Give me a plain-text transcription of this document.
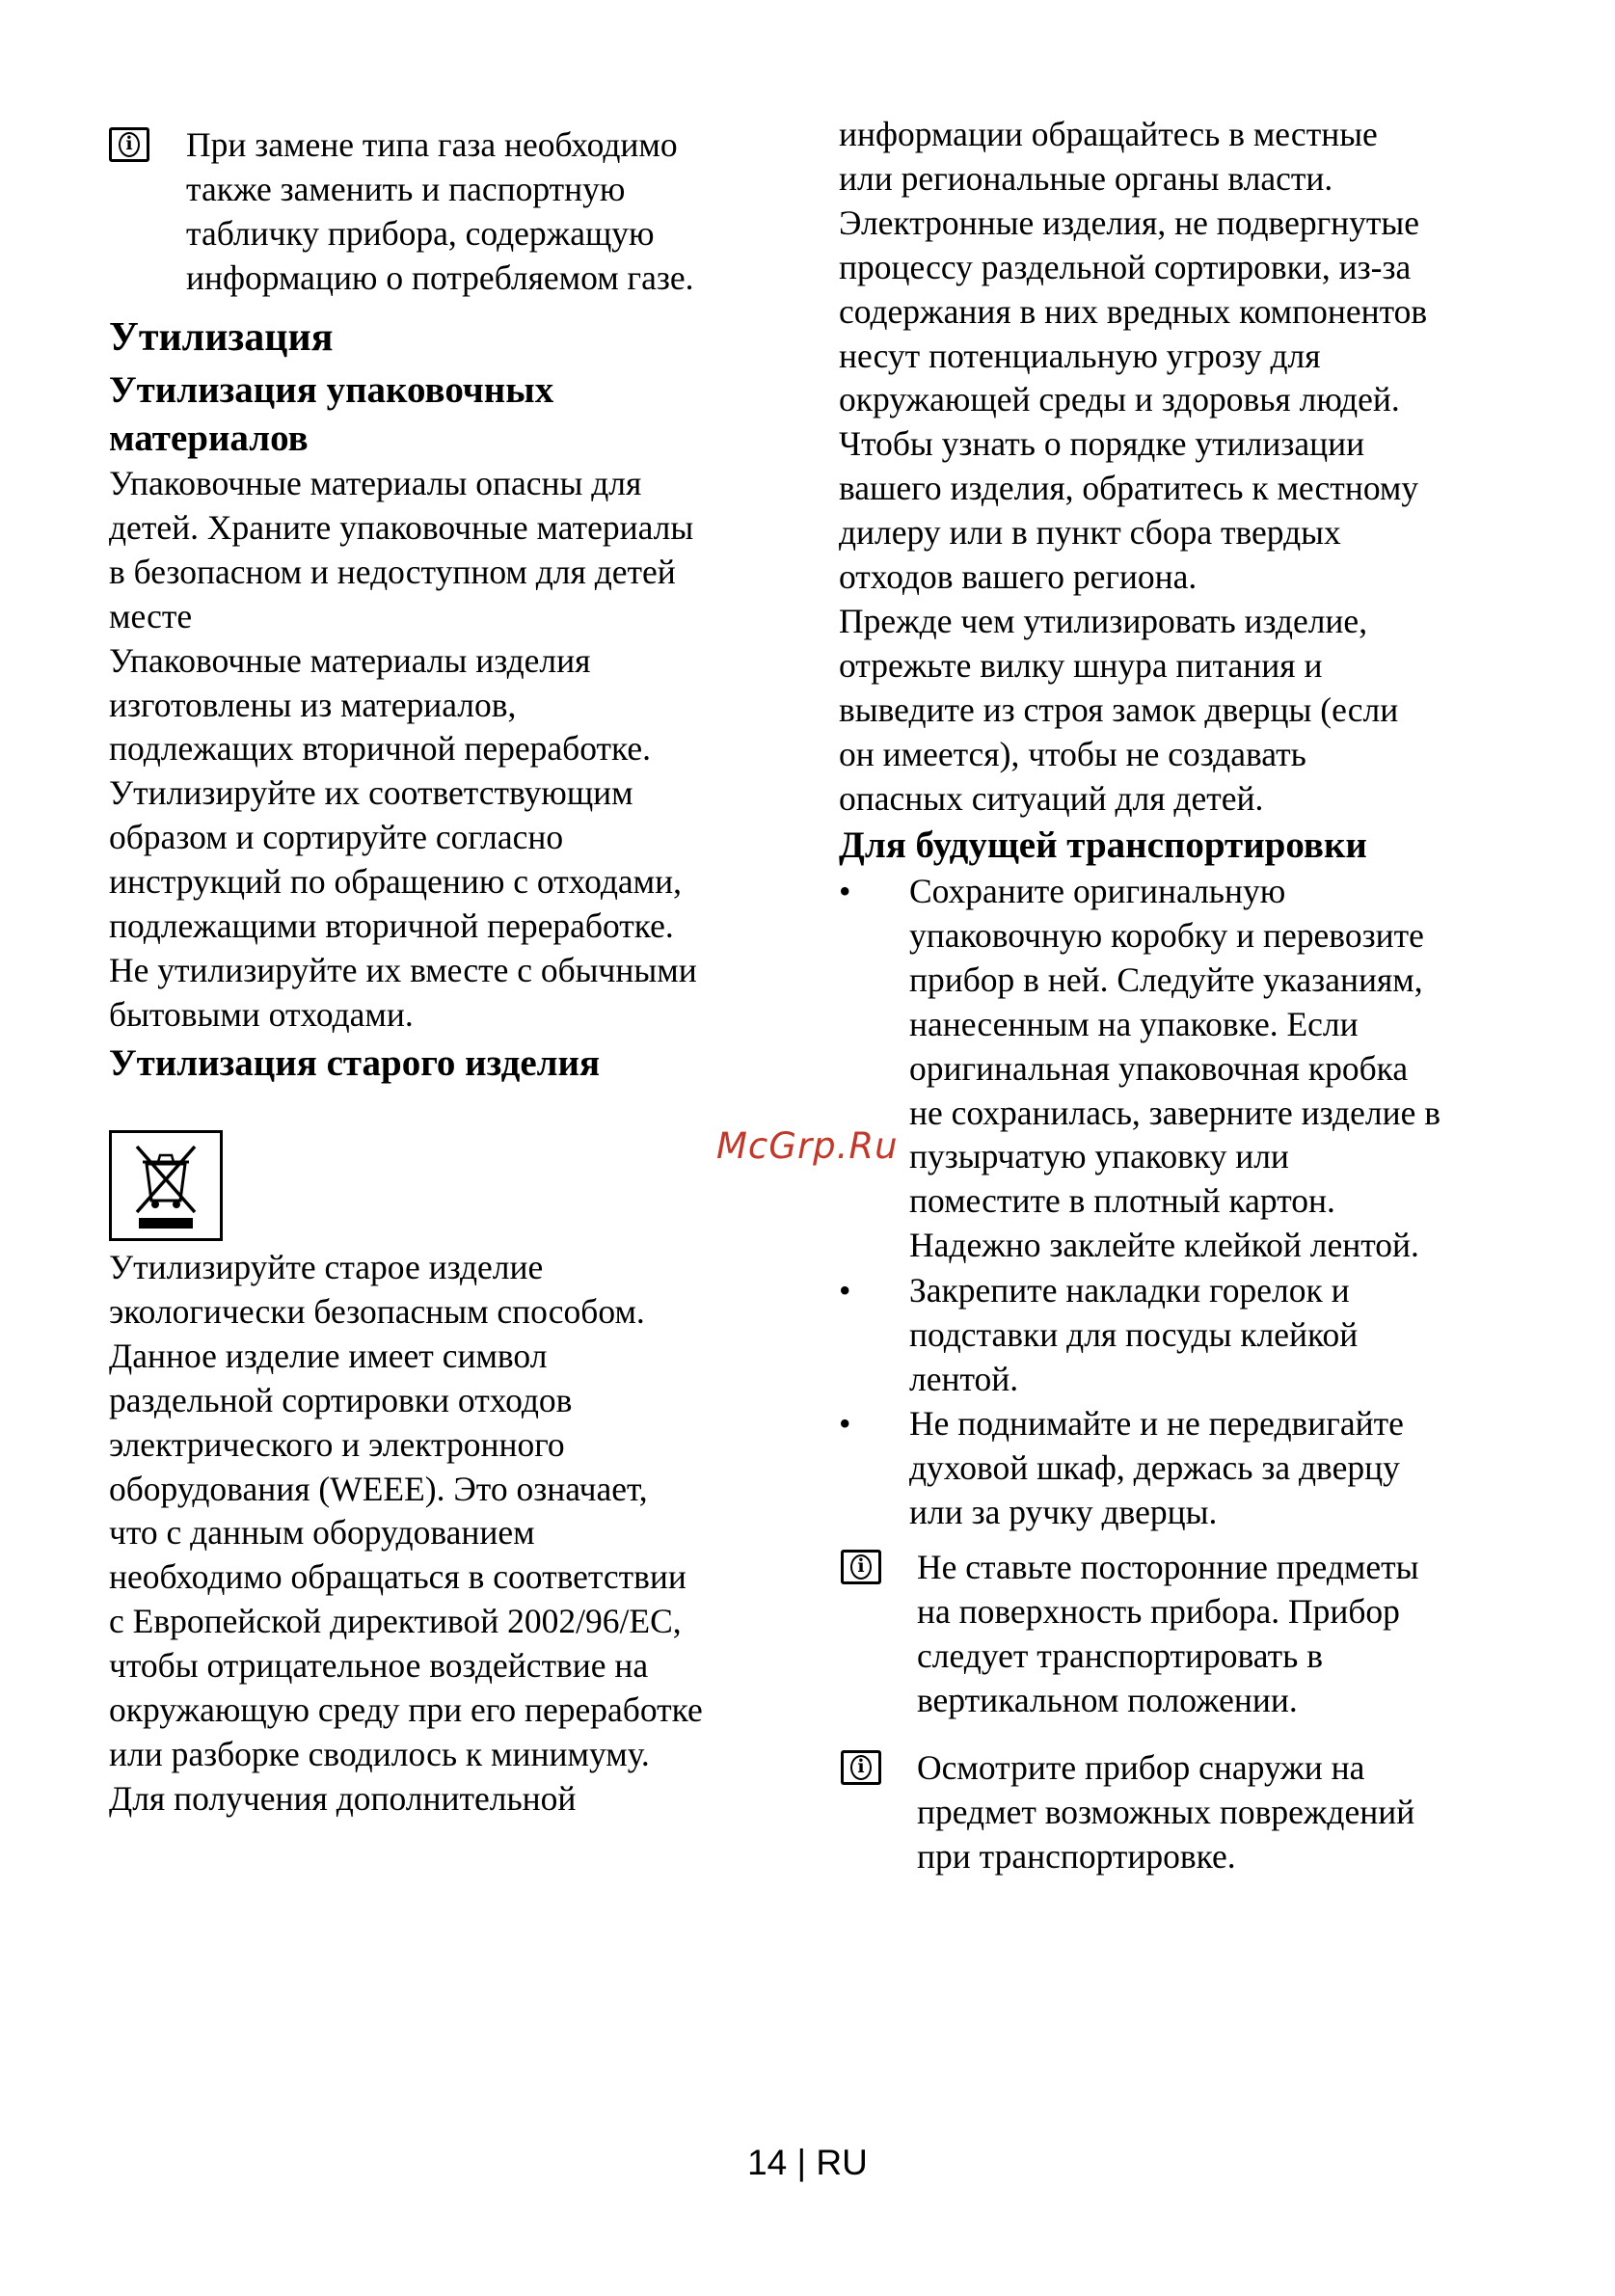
i При замене типа газа необходимо
также заменить и паспортную
табличку прибора, содержащую
информацию о потребляемом газе.
Утилизация
Утилизация упаковочных
материалов
Упаковочные материалы опасны для
детей. Храните упаковочные материалы
в безопасном и недоступном для детей
месте
Упаковочные материалы изделия
изготовлены из материалов,
подлежащих вторичной переработке.
Утилизируйте их соответствующим
образом и сортируйте согласно
инструкций по обращению с отходами,
подлежащими вторичной переработке.
Не утилизируйте их вместе с обычными
бытовыми отходами.
Утилизация старого изделия
Утилизируйте старое изделие
экологически безопасным способом.
Данное изделие имеет символ
раздельной сортировки отходов
электрического и электронного
оборудования (WEEE). Это означает,
что с данным оборудованием
необходимо обращаться в соответствии
с Европейской директивой 2002/96/ЕС,
чтобы отрицательное воздействие на
окружающую среду при его переработке
или разборке сводилось к минимуму.
Для получения дополнительной
информации обращайтесь в местные
или региональные органы власти.
Электронные изделия, не подвергнутые
процессу раздельной сортировки, из-за
содержания в них вредных компонентов
несут потенциальную угрозу для
окружающей среды и здоровья людей.
Чтобы узнать о порядке утилизации
вашего изделия, обратитесь к местному
дилеру или в пункт сбора твердых
отходов вашего региона.
Прежде чем утилизировать изделие,
отрежьте вилку шнура питания и
выведите из строя замок дверцы (если
он имеется), чтобы не создавать
опасных ситуаций для детей.
Для будущей транспортировки
• Сохраните оригинальную
упаковочную коробку и перевозите
прибор в ней. Следуйте указаниям,
нанесенным на упаковке. Если
оригинальная упаковочная кробка
не сохранилась, заверните изделие в
пузырчатую упаковку или
поместите в плотный картон.
Надежно заклейте клейкой лентой.
• Закрепите накладки горелок и
подставки для посуды клейкой
лентой.
• Не поднимайте и не передвигайте
духовой шкаф, держась за дверцу
или за ручку дверцы.
i Не ставьте посторонние предметы
на поверхность прибора. Прибор
следует транспортировать в
вертикальном положении.
i Осмотрите прибор снаружи на
предмет возможных повреждений
при транспортировке.
McGrp.Ru
14 | RU
